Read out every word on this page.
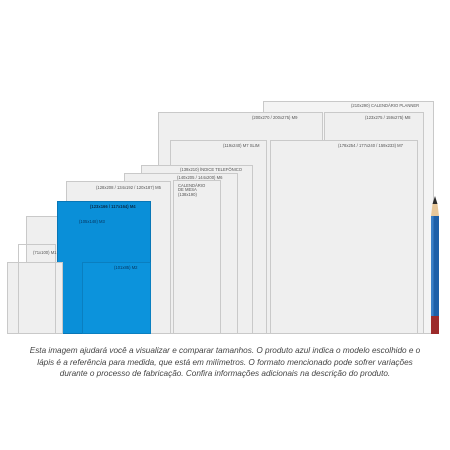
(210x290) CALENDÁRIO PLANNER
(200x270 / 200x275) M9	(123x275 / 159x275) M8
(119x240) M7 SLIM	(178x254 / 177x240 / 159x233) M7
(139x210) ÍNDICE TELEFÔNICO
(140x205 / 144x200) M6
CALENDÁRIO
DE MESA
(138x190)
(128x208 / 134x192 / 120x187) M5
(123x166 / 117x164) M4
(105x148) M3
(71x100) M1
(101x85) M2
Esta imagem ajudará você a visualizar e comparar tamanhos. O produto azul indica o modelo escolhido e o lápis é a referência para medida, que está em milímetros. O formato mencionado pode sofrer variações durante o processo de fabricação. Confira informações adicionais na descrição do produto.
